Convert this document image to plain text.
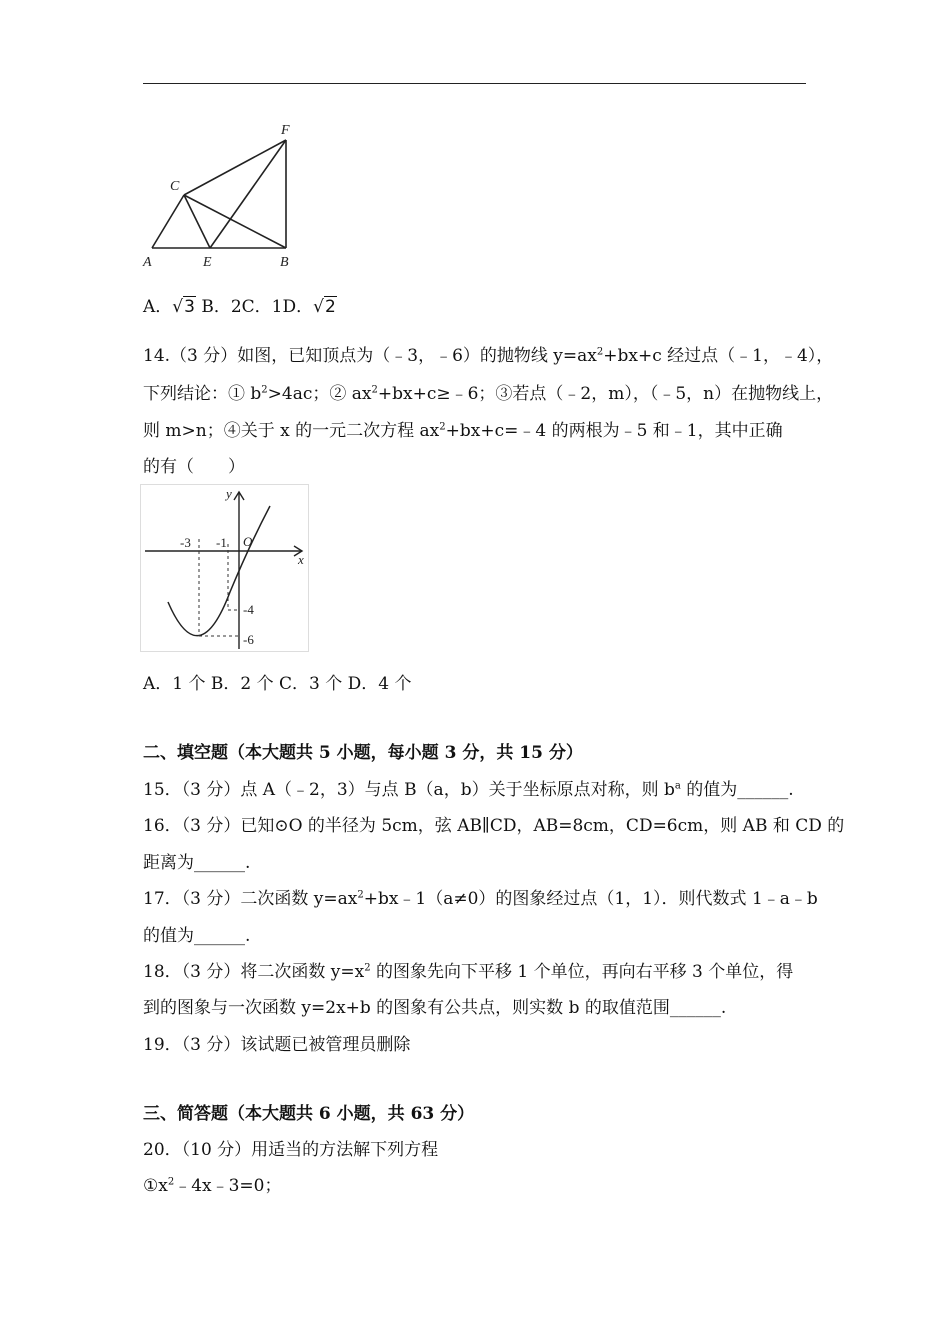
A	E	B
C
F
A．√3 B．2C．1D．√2
14.（3 分）如图，已知顶点为（﹣3，﹣6）的抛物线 $y=ax^2+bx+c$ 经过点（﹣1，﹣4），
下列结论：① $b^2>4ac$；② $ax^2+bx+c\ge﹣6$；③若点（﹣2，m），（﹣5，n）在抛物线上，
则 m>n；④关于 x 的一元二次方程 $ax^2+bx+c=﹣4$ 的两根为﹣5 和﹣1，其中正确
的有（　　）
y
x
O
-3 -1
-4
-6
A．1 个 B．2 个 C．3 个 D．4 个
二、填空题（本大题共 5 小题，每小题 3 分，共 15 分）
15．（3 分）点 A（﹣2，3）与点 B（a，b）关于坐标原点对称，则 $b^a$ 的值为______.
16．（3 分）已知⊙O 的半径为 5cm，弦 AB∥CD，AB=8cm，CD=6cm，则 AB 和 CD 的
距离为______.
17．（3 分）二次函数 $y=ax^2+bx﹣1(a\ne 0)$的图象经过点（1，1）．则代数式 1﹣a﹣b
的值为______.
18．（3 分）将二次函数 $y=x^2$ 的图象先向下平移 1 个单位，再向右平移 3 个单位，得
到的图象与一次函数 y=2x+b 的图象有公共点，则实数 b 的取值范围______.
19．（3 分）该试题已被管理员删除
三、简答题（本大题共 6 小题，共 63 分）
20．（10 分）用适当的方法解下列方程
$①x^2﹣4x﹣3=0$；
